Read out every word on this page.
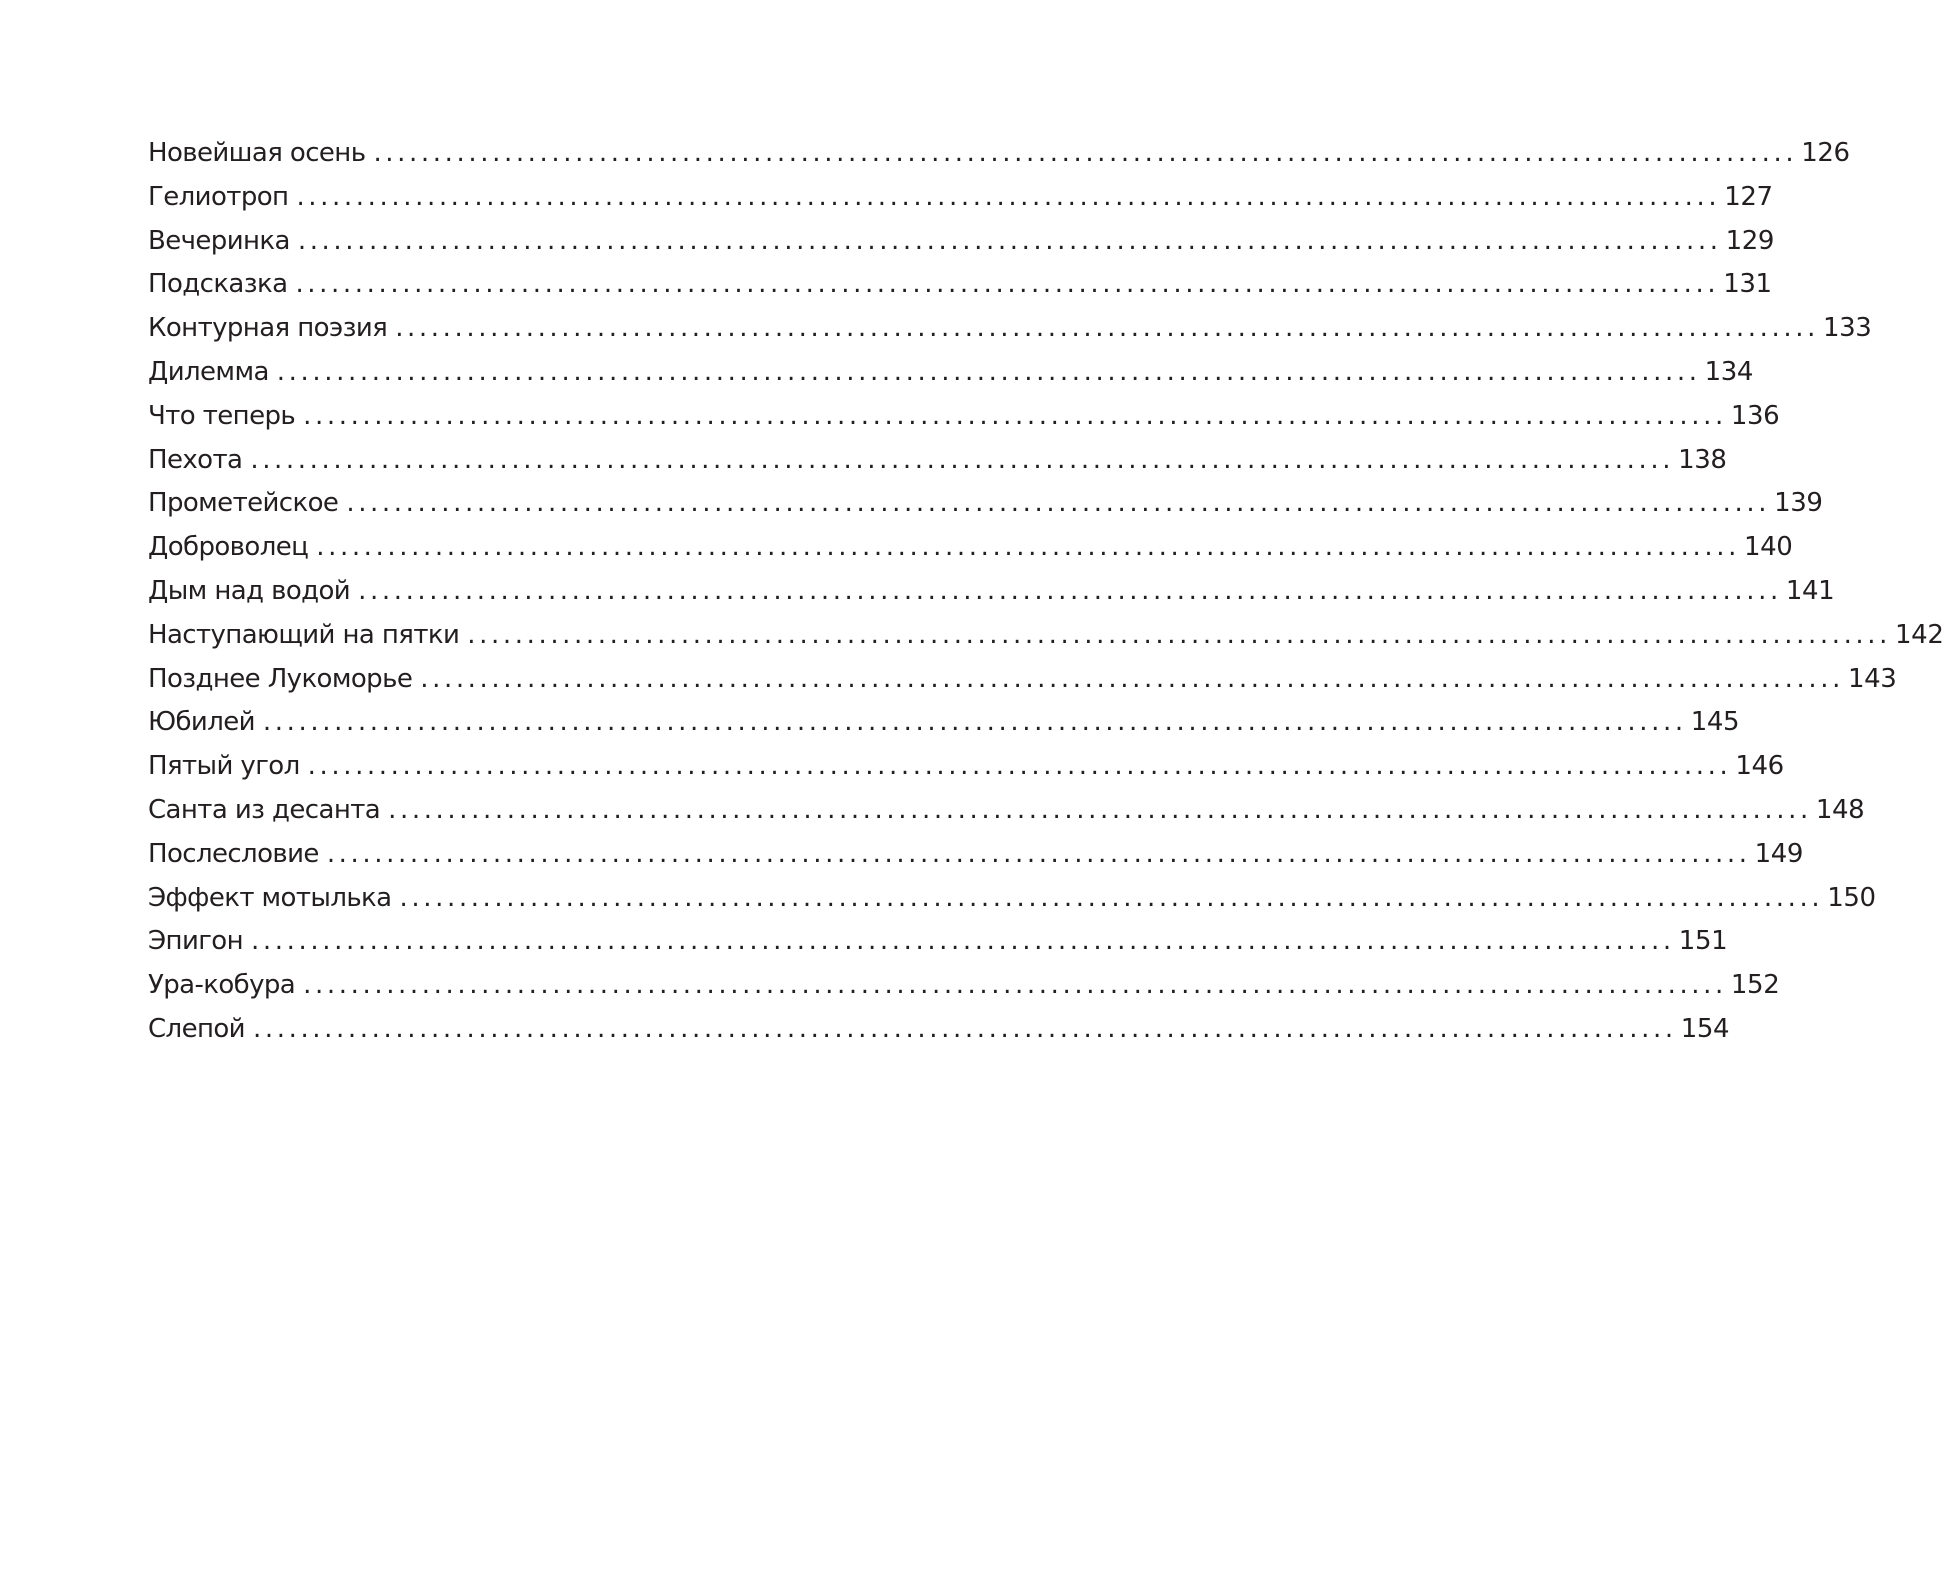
Новейшая осень ........................................................................................................................ 126
Гелиотроп ........................................................................................................................ 127
Вечеринка ........................................................................................................................ 129
Подсказка ........................................................................................................................ 131
Контурная поэзия ........................................................................................................................ 133
Дилемма ........................................................................................................................ 134
Что теперь ........................................................................................................................ 136
Пехота ........................................................................................................................ 138
Прометейское ........................................................................................................................ 139
Доброволец ........................................................................................................................ 140
Дым над водой ........................................................................................................................ 141
Наступающий на пятки ........................................................................................................................ 142
Позднее Лукоморье ........................................................................................................................ 143
Юбилей ........................................................................................................................ 145
Пятый угол ........................................................................................................................ 146
Санта из десанта ........................................................................................................................ 148
Послесловие ........................................................................................................................ 149
Эффект мотылька ........................................................................................................................ 150
Эпигон ........................................................................................................................ 151
Ура-кобура ........................................................................................................................ 152
Слепой ........................................................................................................................ 154
